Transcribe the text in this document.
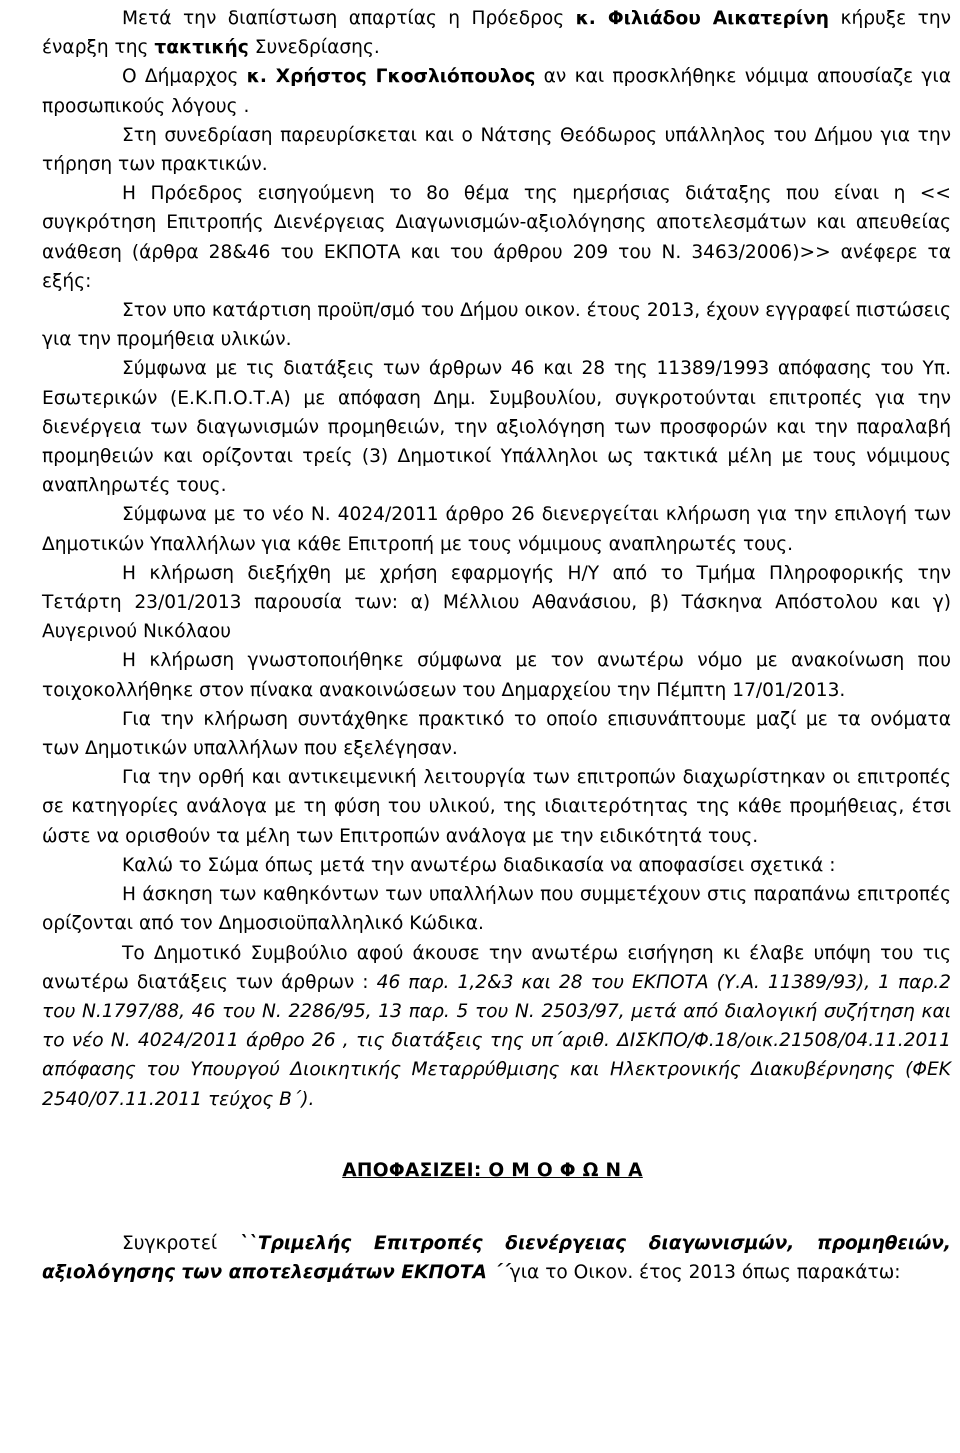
Μετά την διαπίστωση απαρτίας η Πρόεδρος κ. Φιλιάδου Αικατερίνη κήρυξε την έναρξη της τακτικής Συνεδρίασης.

Ο Δήμαρχος κ. Χρήστος Γκοσλιόπουλος αν και προσκλήθηκε νόμιμα απουσίαζε για προσωπικούς λόγους .

Στη συνεδρίαση παρευρίσκεται και ο Νάτσης Θεόδωρος υπάλληλος του Δήμου για την τήρηση των πρακτικών.

Η Πρόεδρος εισηγούμενη το 8ο θέμα της ημερήσιας διάταξης που είναι η << συγκρότηση Επιτροπής Διενέργειας Διαγωνισμών-αξιολόγησης αποτελεσμάτων και απευθείας ανάθεση (άρθρα 28&46 του ΕΚΠΟΤΑ και του άρθρου 209 του Ν. 3463/2006)>> ανέφερε τα εξής:

Στον υπο κατάρτιση προϋπ/σμό του Δήμου οικον. έτους 2013, έχουν εγγραφεί πιστώσεις για την προμήθεια υλικών.

Σύμφωνα με τις διατάξεις των άρθρων 46 και 28 της 11389/1993 απόφασης του Υπ. Εσωτερικών (Ε.Κ.Π.Ο.Τ.Α) με απόφαση Δημ. Συμβουλίου, συγκροτούνται επιτροπές για την διενέργεια των διαγωνισμών προμηθειών, την αξιολόγηση των προσφορών και την παραλαβή προμηθειών και ορίζονται τρείς (3) Δημοτικοί Υπάλληλοι ως τακτικά μέλη με τους νόμιμους αναπληρωτές τους.

Σύμφωνα με το νέο Ν. 4024/2011 άρθρο 26 διενεργείται κλήρωση για την επιλογή των Δημοτικών Υπαλλήλων για κάθε Επιτροπή με τους νόμιμους αναπληρωτές τους.

Η κλήρωση διεξήχθη με χρήση εφαρμογής Η/Υ από το Τμήμα Πληροφορικής την Τετάρτη 23/01/2013 παρουσία των: α) Μέλλιου Αθανάσιου, β) Τάσκηνα Απόστολου και γ) Αυγερινού Νικόλαου

Η κλήρωση γνωστοποιήθηκε σύμφωνα με τον ανωτέρω νόμο με ανακοίνωση που τοιχοκολλήθηκε στον πίνακα ανακοινώσεων του Δημαρχείου την Πέμπτη 17/01/2013.

Για την κλήρωση συντάχθηκε πρακτικό το οποίο επισυνάπτουμε μαζί με τα ονόματα των Δημοτικών υπαλλήλων που εξελέγησαν.

Για την ορθή και αντικειμενική λειτουργία των επιτροπών διαχωρίστηκαν οι επιτροπές σε κατηγορίες ανάλογα με τη φύση του υλικού, της ιδιαιτερότητας της κάθε προμήθειας, έτσι ώστε να ορισθούν τα μέλη των Επιτροπών ανάλογα με την ειδικότητά τους.

Καλώ το Σώμα όπως μετά την ανωτέρω διαδικασία να αποφασίσει σχετικά :

Η άσκηση των καθηκόντων των υπαλλήλων που συμμετέχουν στις παραπάνω επιτροπές ορίζονται από τον Δημοσιοϋπαλληλικό Κώδικα.

Το Δημοτικό Συμβούλιο αφού άκουσε την ανωτέρω εισήγηση κι έλαβε υπόψη του τις ανωτέρω διατάξεις των άρθρων : 46 παρ. 1,2&3 και 28 του ΕΚΠΟΤΑ (Υ.Α. 11389/93), 1 παρ.2 του Ν.1797/88, 46 του Ν. 2286/95, 13 παρ. 5 του Ν. 2503/97, μετά από διαλογική συζήτηση και το νέο Ν. 4024/2011 άρθρο 26 , τις διατάξεις της υπ΄αριθ. ΔΙΣΚΠΟ/Φ.18/οικ.21508/04.11.2011 απόφασης του Υπουργού Διοικητικής Μεταρρύθμισης και Ηλεκτρονικής Διακυβέρνησης (ΦΕΚ 2540/07.11.2011 τεύχος Β΄).

ΑΠΟΦΑΣΙΖΕΙ: Ο Μ Ο Φ Ω Ν Α

Συγκροτεί ``Τριμελής Επιτροπές διενέργειας διαγωνισμών, προμηθειών, αξιολόγησης των αποτελεσμάτων ΕΚΠΟΤΑ ΄΄για το Οικον. έτος 2013 όπως παρακάτω:
